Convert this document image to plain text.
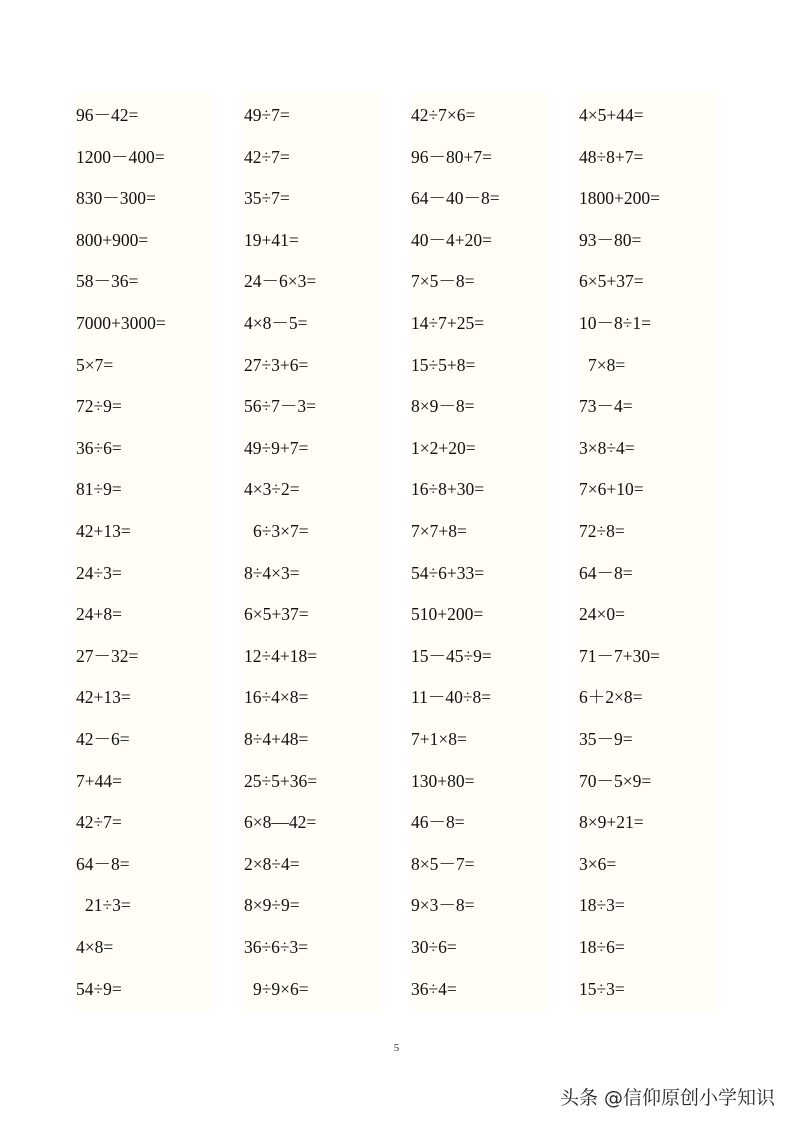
96－42=
1200－400=
830－300=
800+900=
58－36=
7000+3000=
5×7=
72÷9=
36÷6=
81÷9=
42+13=
24÷3=
24+8=
27－32=
42+13=
42－6=
7+44=
42÷7=
64－8=
21÷3=
4×8=
54÷9=
49÷7=
42÷7=
35÷7=
19+41=
24－6×3=
4×8－5=
27÷3+6=
56÷7－3=
49÷9+7=
4×3÷2=
6÷3×7=
8÷4×3=
6×5+37=
12÷4+18=
16÷4×8=
8÷4+48=
25÷5+36=
6×8—42=
2×8÷4=
8×9÷9=
36÷6÷3=
9÷9×6=
42÷7×6=
96－80+7=
64－40－8=
40－4+20=
7×5－8=
14÷7+25=
15÷5+8=
8×9－8=
1×2+20=
16÷8+30=
7×7+8=
54÷6+33=
510+200=
15－45÷9=
11－40÷8=
7+1×8=
130+80=
46－8=
8×5－7=
9×3－8=
30÷6=
36÷4=
4×5+44=
48÷8+7=
1800+200=
93－80=
6×5+37=
10－8÷1=
7×8=
73－4=
3×8÷4=
7×6+10=
72÷8=
64－8=
24×0=
71－7+30=
6＋2×8=
35－9=
70－5×9=
8×9+21=
3×6=
18÷3=
18÷6=
15÷3=
5
头条 @信仰原创小学知识
